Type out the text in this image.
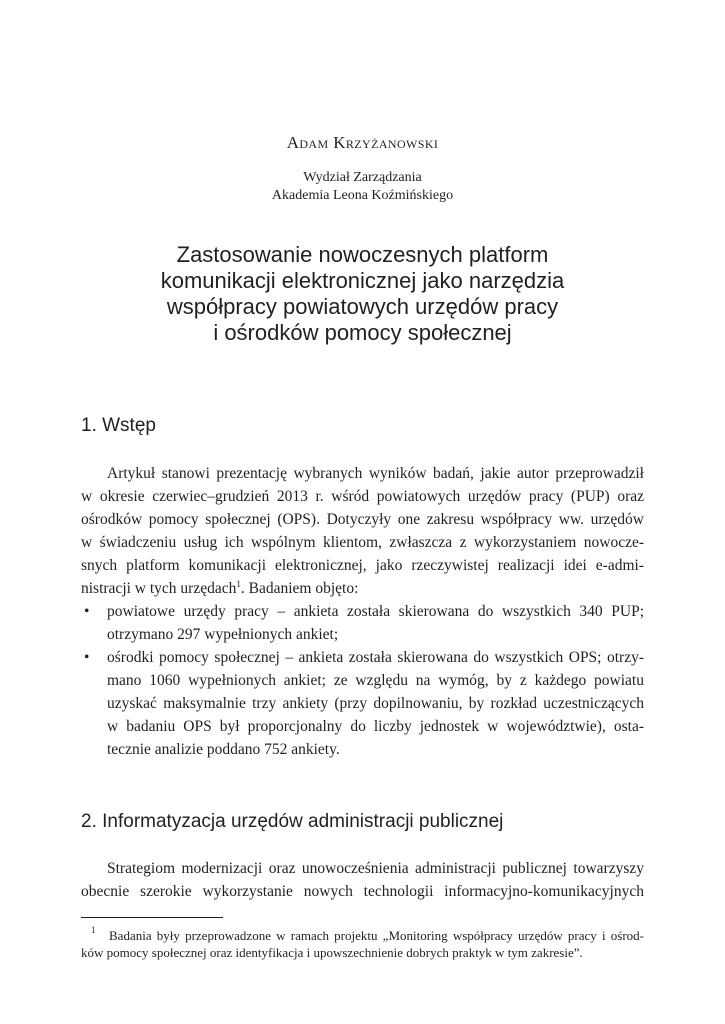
Adam Krzyżanowski
Wydział Zarządzania
Akademia Leona Koźmińskiego
Zastosowanie nowoczesnych platform
komunikacji elektronicznej jako narzędzia
współpracy powiatowych urzędów pracy
i ośrodków pomocy społecznej
1. Wstęp
Artykuł stanowi prezentację wybranych wyników badań, jakie autor przeprowadził
w okresie czerwiec–grudzień 2013 r. wśród powiatowych urzędów pracy (PUP) oraz
ośrodków pomocy społecznej (OPS). Dotyczyły one zakresu współpracy ww. urzędów
w świadczeniu usług ich wspólnym klientom, zwłaszcza z wykorzystaniem nowocze-
snych platform komunikacji elektronicznej, jako rzeczywistej realizacji idei e-admi-
nistracji w tych urzędach$^1$. Badaniem objęto:
• powiatowe urzędy pracy – ankieta została skierowana do wszystkich 340 PUP;
otrzymano 297 wypełnionych ankiet;
• ośrodki pomocy społecznej – ankieta została skierowana do wszystkich OPS; otrzy-
mano 1060 wypełnionych ankiet; ze względu na wymóg, by z każdego powiatu
uzyskać maksymalnie trzy ankiety (przy dopilnowaniu, by rozkład uczestniczących
w badaniu OPS był proporcjonalny do liczby jednostek w województwie), osta-
tecznie analizie poddano 752 ankiety.
2. Informatyzacja urzędów administracji publicznej
Strategiom modernizacji oraz unowocześnienia administracji publicznej towarzyszy
obecnie szerokie wykorzystanie nowych technologii informacyjno-komunikacyjnych
1 Badania były przeprowadzone w ramach projektu „Monitoring współpracy urzędów pracy i ośrod-
ków pomocy społecznej oraz identyfikacja i upowszechnienie dobrych praktyk w tym zakresie”.
